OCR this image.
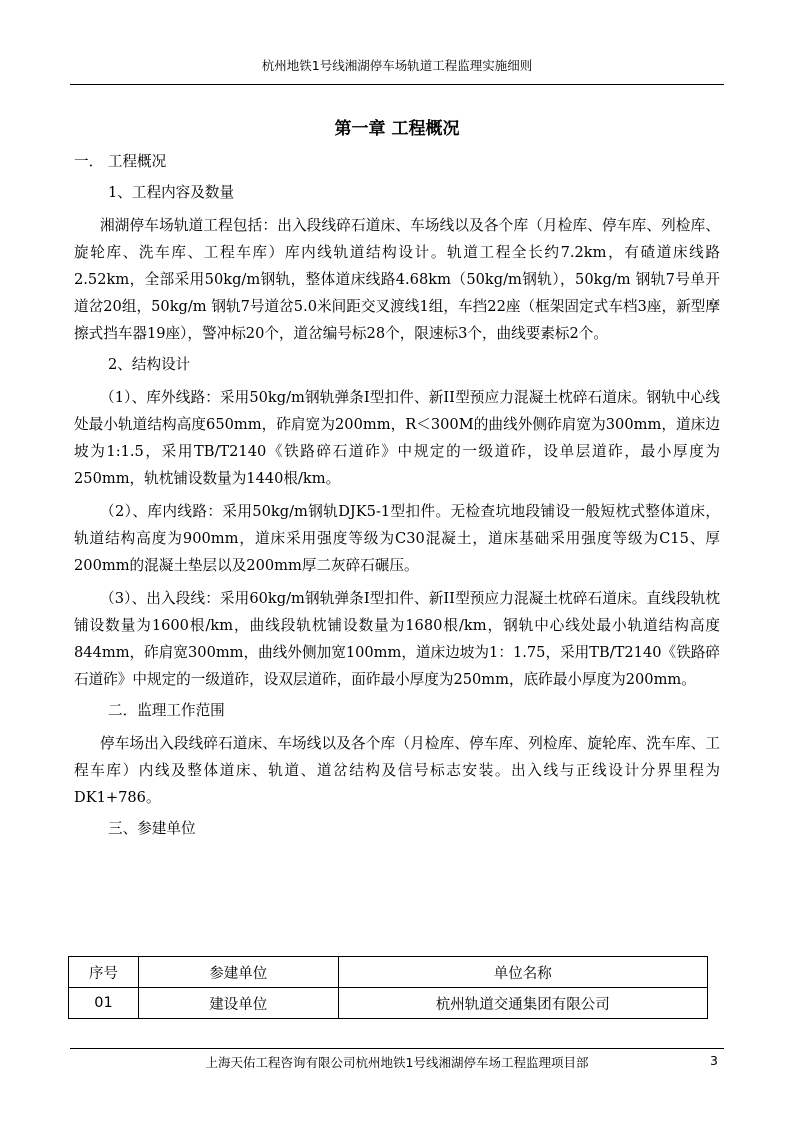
杭州地铁1号线湘湖停车场轨道工程监理实施细则
第一章 工程概况

一． 工程概况

1、工程内容及数量

湘湖停车场轨道工程包括：出入段线碎石道床、车场线以及各个库（月检库、停车库、列检库、旋轮库、洗车库、工程车库）库内线轨道结构设计。轨道工程全长约7.2km，有碴道床线路2.52km，全部采用50kg/m钢轨，整体道床线路4.68km（50kg/m钢轨），50kg/m 钢轨7号单开道岔20组，50kg/m 钢轨7号道岔5.0米间距交叉渡线1组，车挡22座（框架固定式车档3座，新型摩擦式挡车器19座），警冲标20个，道岔编号标28个，限速标3个，曲线要素标2个。

2、结构设计

（1）、库外线路：采用50kg/m钢轨弹条I型扣件、新II型预应力混凝土枕碎石道床。钢轨中心线处最小轨道结构高度650mm，砟肩宽为200mm，R＜300M的曲线外侧砟肩宽为300mm，道床边坡为1:1.5，采用TB/T2140《铁路碎石道砟》中规定的一级道砟，设单层道砟，最小厚度为250mm，轨枕铺设数量为1440根/km。

（2）、库内线路：采用50kg/m钢轨DJK5-1型扣件。无检查坑地段铺设一般短枕式整体道床，轨道结构高度为900mm，道床采用强度等级为C30混凝土，道床基础采用强度等级为C15、厚200mm的混凝土垫层以及200mm厚二灰碎石碾压。

（3）、出入段线：采用60kg/m钢轨弹条I型扣件、新II型预应力混凝土枕碎石道床。直线段轨枕铺设数量为1600根/km，曲线段轨枕铺设数量为1680根/km，钢轨中心线处最小轨道结构高度844mm，砟肩宽300mm，曲线外侧加宽100mm，道床边坡为1：1.75，采用TB/T2140《铁路碎石道砟》中规定的一级道砟，设双层道砟，面砟最小厚度为250mm，底砟最小厚度为200mm。

二．监理工作范围

停车场出入段线碎石道床、车场线以及各个库（月检库、停车库、列检库、旋轮库、洗车库、工程车库）内线及整体道床、轨道、道岔结构及信号标志安装。出入线与正线设计分界里程为DK1+786。

三、参建单位

序号	参建单位	单位名称
01	建设单位	杭州轨道交通集团有限公司
上海天佑工程咨询有限公司杭州地铁1号线湘湖停车场工程监理项目部	3
